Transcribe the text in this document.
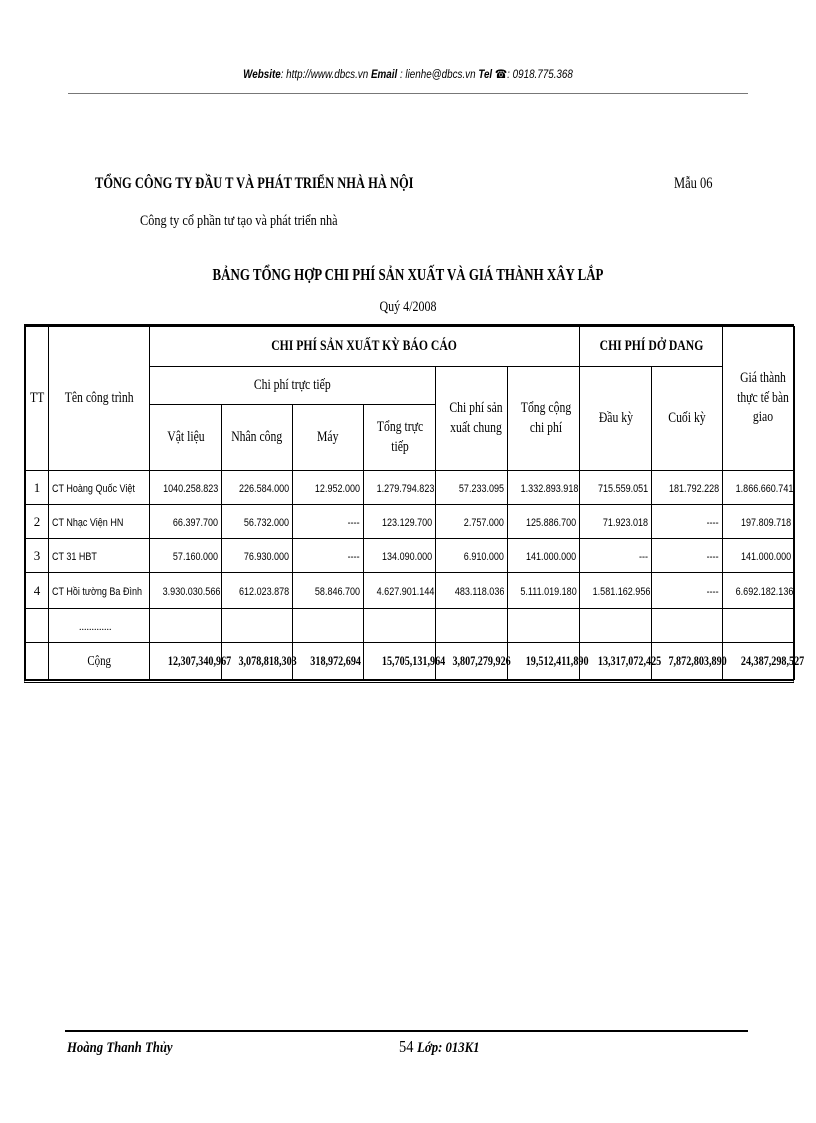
Website: http://www.dbcs.vn Email : lienhe@dbcs.vn Tel ☎: 0918.775.368
TỔNG CÔNG TY ĐẦU T VÀ PHÁT TRIỂN NHÀ HÀ NỘI	Mẫu 06
Công ty cổ phần tư tạo và phát triển nhà
BẢNG TỔNG HỢP CHI PHÍ SẢN XUẤT VÀ GIÁ THÀNH XÂY LẮP
Quý 4/2008
TT	Tên công trình	CHI PHÍ SẢN XUẤT KỲ BÁO CÁO						CHI PHÍ DỞ DANG		Giá thành thực tế bàn giao
		Chi phí trực tiếp				Chi phí sản xuất chung	Tổng cộng chi phí	Đầu kỳ	Cuối kỳ	
		Vật liệu	Nhân công	Máy	Tổng trực tiếp					
1	CT Hoàng Quốc Việt	1040.258.823	226.584.000	12.952.000	1.279.794.823	57.233.095	1.332.893.918	715.559.051	181.792.228	1.866.660.741
2	CT Nhạc Viện HN	66.397.700	56.732.000	----	123.129.700	2.757.000	125.886.700	71.923.018	----	197.809.718
3	CT 31 HBT	57.160.000	76.930.000	----	134.090.000	6.910.000	141.000.000	---	----	141.000.000
4	CT Hồi tường Ba Đình	3.930.030.566	612.023.878	58.846.700	4.627.901.144	483.118.036	5.111.019.180	1.581.162.956	----	6.692.182.136
	.............									
	Cộng	12,307,340,967	3,078,818,303	318,972,694	15,705,131,964	3,807,279,926	19,512,411,890	13,317,072,425	7,872,803,890	24,387,298,527
Hoàng Thanh Thủy	54 Lớp: 013K1
